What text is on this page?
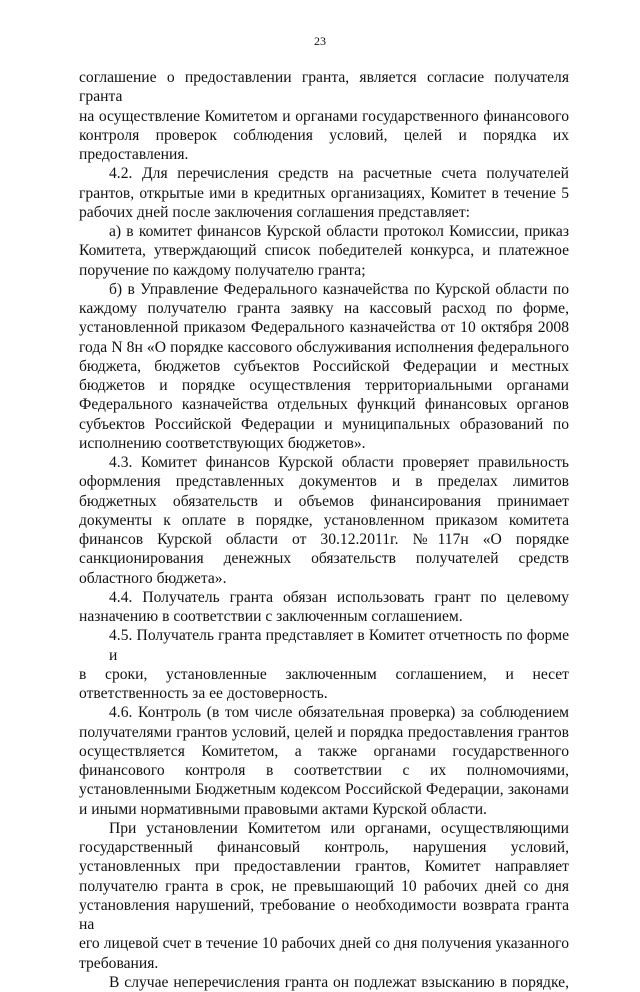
23

соглашение о предоставлении гранта, является согласие получателя гранта

на осуществление Комитетом и органами государственного финансового

контроля проверок соблюдения условий, целей и порядка их

предоставления.

4.2. Для перечисления средств на расчетные счета получателей

грантов, открытые ими в кредитных организациях, Комитет в течение 5

рабочих дней после заключения соглашения представляет:

а) в комитет финансов Курской области протокол Комиссии, приказ

Комитета, утверждающий список победителей конкурса, и платежное

поручение по каждому получателю гранта;

б) в Управление Федерального казначейства по Курской области по

каждому получателю гранта заявку на кассовый расход по форме,

установленной приказом Федерального казначейства от 10 октября 2008

года N 8н «О порядке кассового обслуживания исполнения федерального

бюджета, бюджетов субъектов Российской Федерации и местных

бюджетов и порядке осуществления территориальными органами

Федерального казначейства отдельных функций финансовых органов

субъектов Российской Федерации и муниципальных образований по

исполнению соответствующих бюджетов».

4.3. Комитет финансов Курской области проверяет правильность

оформления представленных документов и в пределах лимитов

бюджетных обязательств и объемов финансирования принимает

документы к оплате в порядке, установленном приказом комитета

финансов Курской области от 30.12.2011г. №117н «О порядке

санкционирования денежных обязательств получателей средств

областного бюджета».

4.4. Получатель гранта обязан использовать грант по целевому

назначению в соответствии с заключенным соглашением.

4.5. Получатель гранта представляет в Комитет отчетность по форме и

в сроки, установленные заключенным соглашением, и несет

ответственность за ее достоверность.

4.6. Контроль (в том числе обязательная проверка) за соблюдением

получателями грантов условий, целей и порядка предоставления грантов

осуществляется Комитетом, а также органами государственного

финансового контроля в соответствии с их полномочиями,

установленными Бюджетным кодексом Российской Федерации, законами

и иными нормативными правовыми актами Курской области.

При установлении Комитетом или органами, осуществляющими

государственный финансовый контроль, нарушения условий,

установленных при предоставлении грантов, Комитет направляет

получателю гранта в срок, не превышающий 10 рабочих дней со дня

установления нарушений, требование о необходимости возврата гранта на

его лицевой счет в течение 10 рабочих дней со дня получения указанного

требования.

В случае неперечисления гранта он подлежат взысканию в порядке,
